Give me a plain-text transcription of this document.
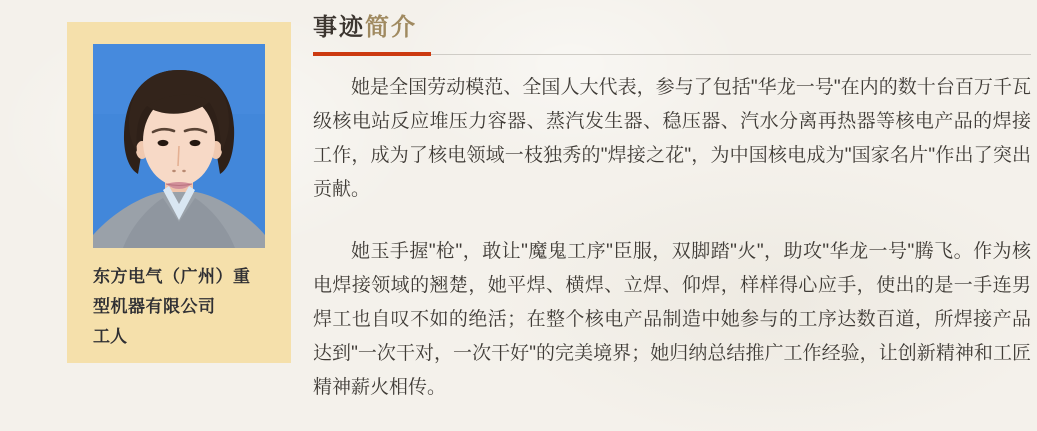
东方电气（广州）重型机器有限公司
工人
事迹简介

她是全国劳动模范、全国人大代表，参与了包括"华龙一号"在内的数十台百万千瓦级核电站反应堆压力容器、蒸汽发生器、稳压器、汽水分离再热器等核电产品的焊接工作，成为了核电领域一枝独秀的"焊接之花"，为中国核电成为"国家名片"作出了突出贡献。

她玉手握"枪"，敢让"魔鬼工序"臣服，双脚踏"火"，助攻"华龙一号"腾飞。作为核电焊接领域的翘楚，她平焊、横焊、立焊、仰焊，样样得心应手，使出的是一手连男焊工也自叹不如的绝活；在整个核电产品制造中她参与的工序达数百道，所焊接产品达到"一次干对，一次干好"的完美境界；她归纳总结推广工作经验，让创新精神和工匠精神薪火相传。
